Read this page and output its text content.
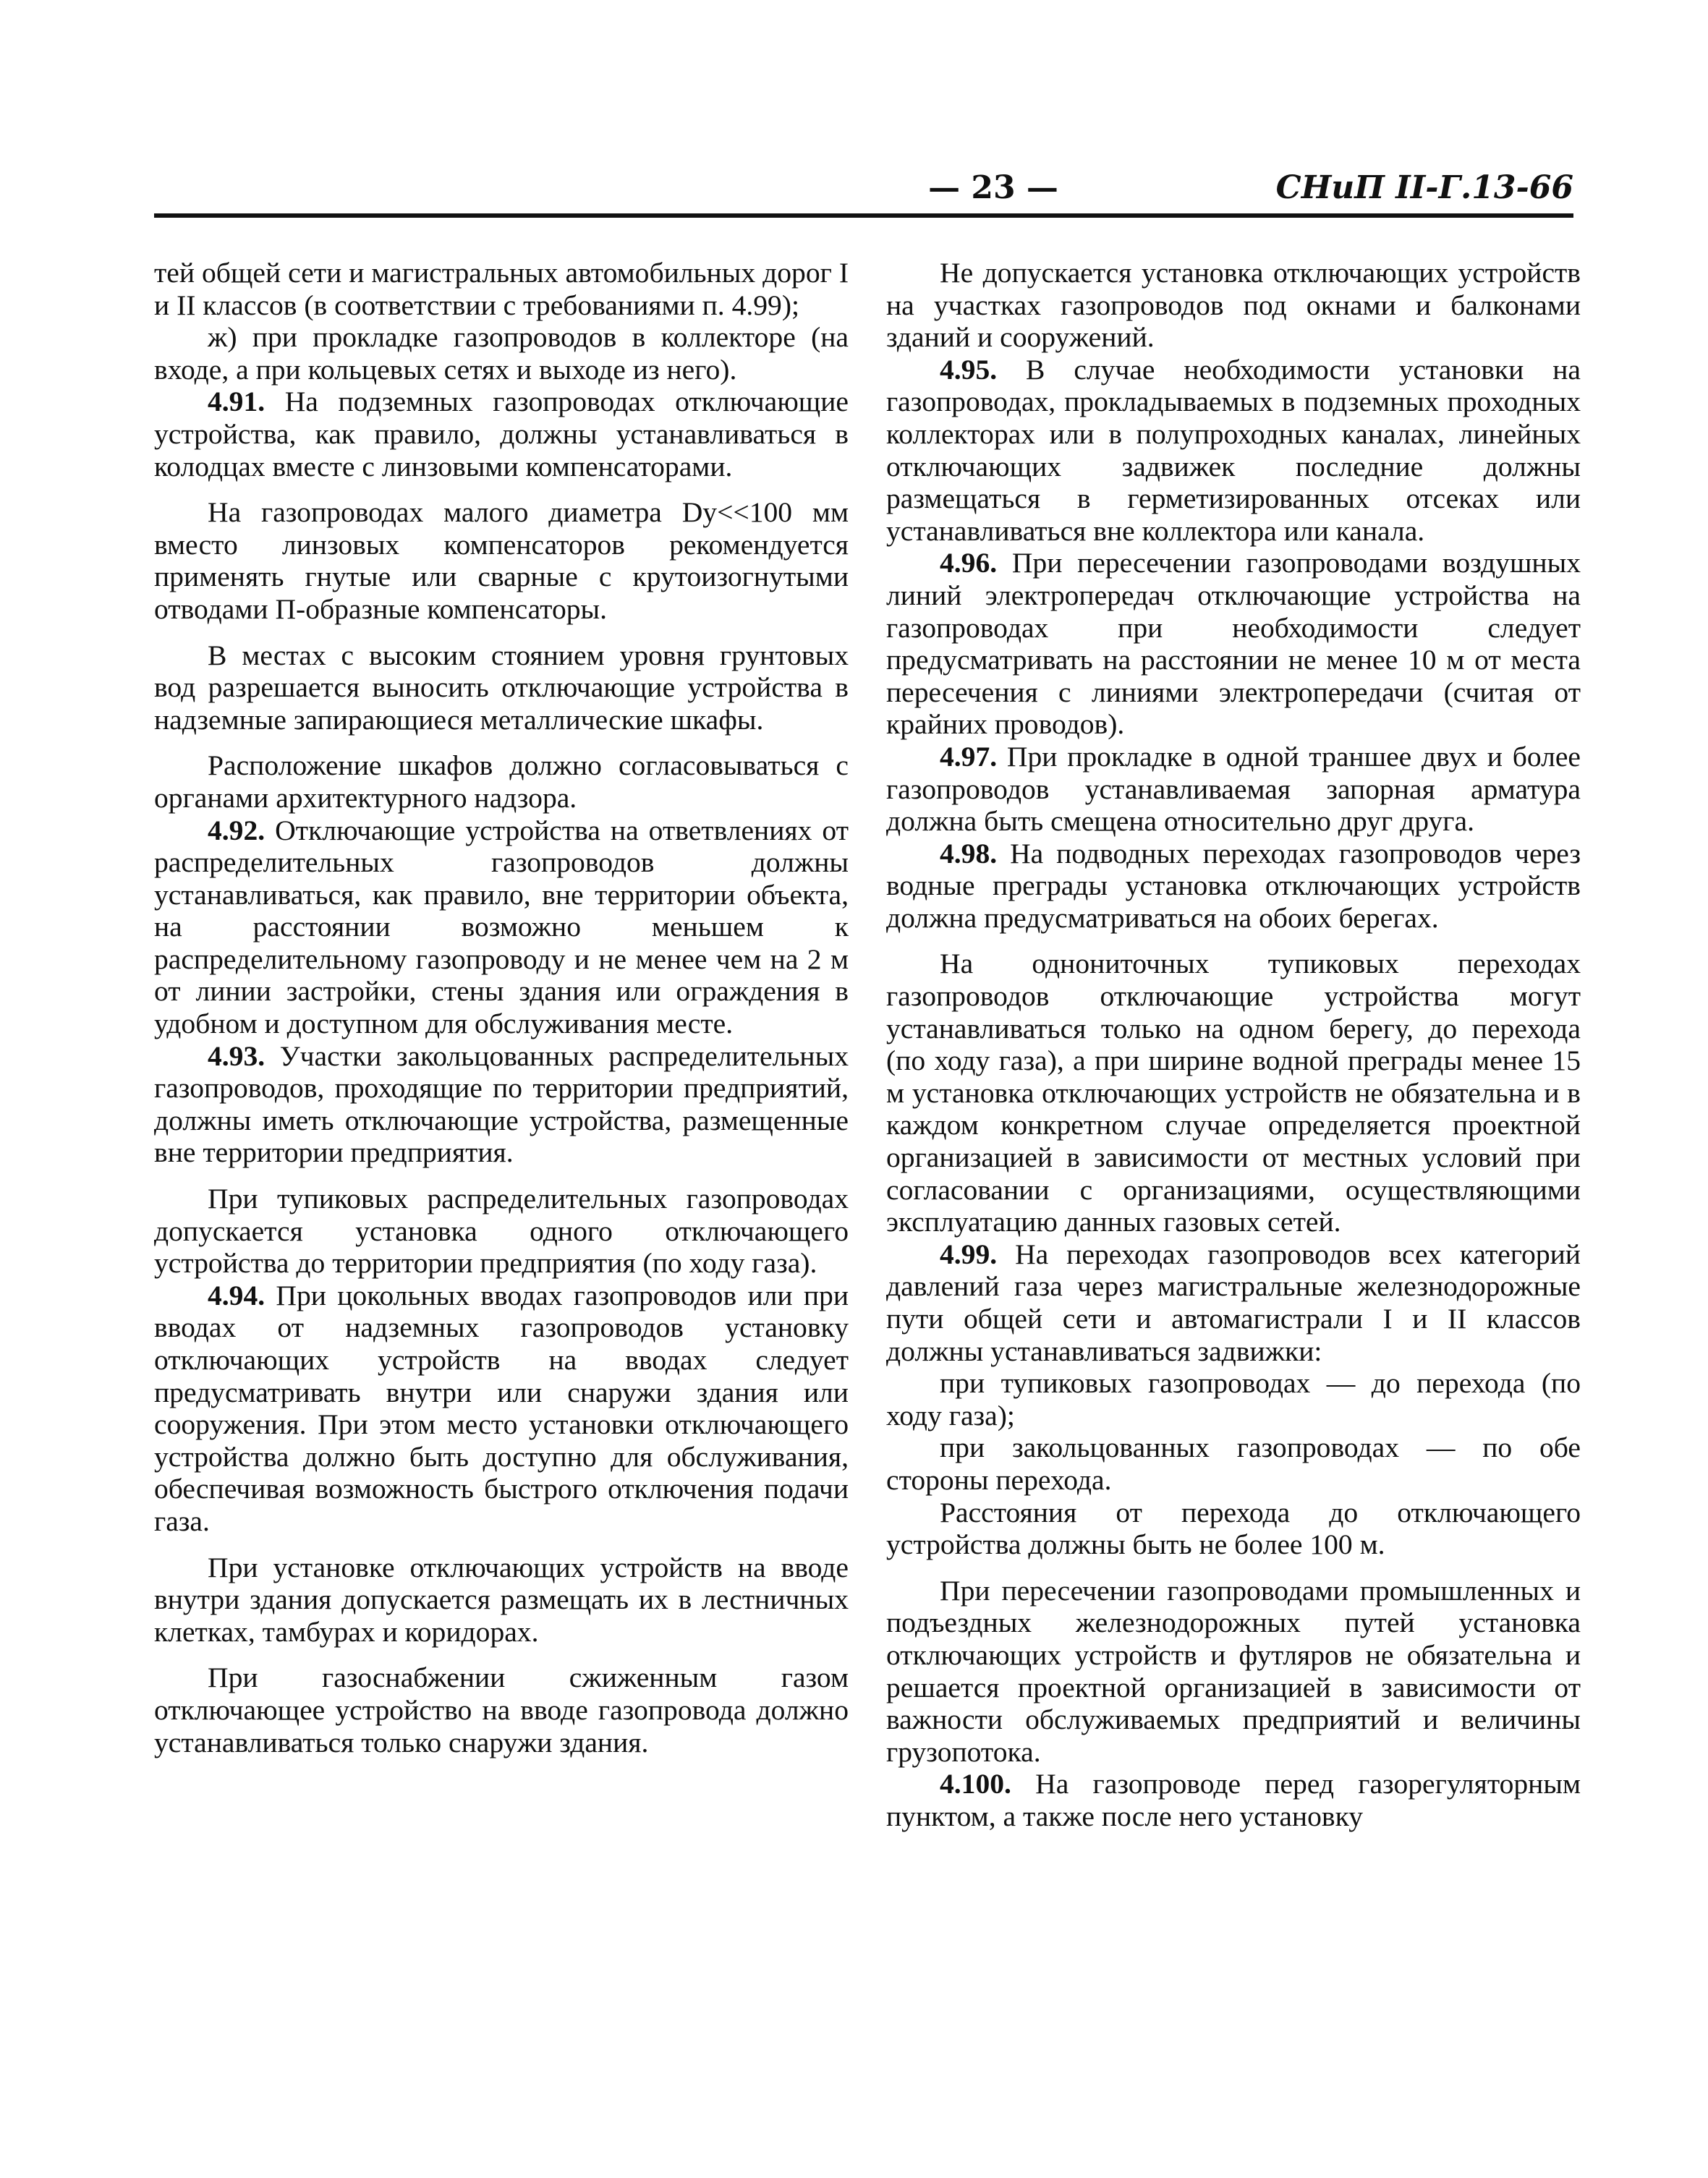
— 23 —	СНиП II-Г.13-66

тей общей сети и магистральных автомобильных дорог I и II классов (в соответствии с требованиями п. 4.99);

ж) при прокладке газопроводов в коллекторе (на входе, а при кольцевых сетях и выходе из него).

4.91. На подземных газопроводах отключающие устройства, как правило, должны устанавливаться в колодцах вместе с линзовыми компенсаторами.

На газопроводах малого диаметра Dу<<100 мм вместо линзовых компенсаторов рекомендуется применять гнутые или сварные с крутоизогнутыми отводами П-образные компенсаторы.

В местах с высоким стоянием уровня грунтовых вод разрешается выносить отключающие устройства в надземные запирающиеся металлические шкафы.

Расположение шкафов должно согласовываться с органами архитектурного надзора.

4.92. Отключающие устройства на ответвлениях от распределительных газопроводов должны устанавливаться, как правило, вне территории объекта, на расстоянии возможно меньшем к распределительному газопроводу и не менее чем на 2 м от линии застройки, стены здания или ограждения в удобном и доступном для обслуживания месте.

4.93. Участки закольцованных распределительных газопроводов, проходящие по территории предприятий, должны иметь отключающие устройства, размещенные вне территории предприятия.

При тупиковых распределительных газопроводах допускается установка одного отключающего устройства до территории предприятия (по ходу газа).

4.94. При цокольных вводах газопроводов или при вводах от надземных газопроводов установку отключающих устройств на вводах следует предусматривать внутри или снаружи здания или сооружения. При этом место установки отключающего устройства должно быть доступно для обслуживания, обеспечивая возможность быстрого отключения подачи газа.

При установке отключающих устройств на вводе внутри здания допускается размещать их в лестничных клетках, тамбурах и коридорах.

При газоснабжении сжиженным газом отключающее устройство на вводе газопровода должно устанавливаться только снаружи здания.

Не допускается установка отключающих устройств на участках газопроводов под окнами и балконами зданий и сооружений.

4.95. В случае необходимости установки на газопроводах, прокладываемых в подземных проходных коллекторах или в полупроходных каналах, линейных отключающих задвижек последние должны размещаться в герметизированных отсеках или устанавливаться вне коллектора или канала.

4.96. При пересечении газопроводами воздушных линий электропередач отключающие устройства на газопроводах при необходимости следует предусматривать на расстоянии не менее 10 м от места пересечения с линиями электропередачи (считая от крайних проводов).

4.97. При прокладке в одной траншее двух и более газопроводов устанавливаемая запорная арматура должна быть смещена относительно друг друга.

4.98. На подводных переходах газопроводов через водные преграды установка отключающих устройств должна предусматриваться на обоих берегах.

На однониточных тупиковых переходах газопроводов отключающие устройства могут устанавливаться только на одном берегу, до перехода (по ходу газа), а при ширине водной преграды менее 15 м установка отключающих устройств не обязательна и в каждом конкретном случае определяется проектной организацией в зависимости от местных условий при согласовании с организациями, осуществляющими эксплуатацию данных газовых сетей.

4.99. На переходах газопроводов всех категорий давлений газа через магистральные железнодорожные пути общей сети и автомагистрали I и II классов должны устанавливаться задвижки:

при тупиковых газопроводах — до перехода (по ходу газа);

при закольцованных газопроводах — по обе стороны перехода.

Расстояния от перехода до отключающего устройства должны быть не более 100 м.

При пересечении газопроводами промышленных и подъездных железнодорожных путей установка отключающих устройств и футляров не обязательна и решается проектной организацией в зависимости от важности обслуживаемых предприятий и величины грузопотока.

4.100. На газопроводе перед газорегуляторным пунктом, а также после него установку
